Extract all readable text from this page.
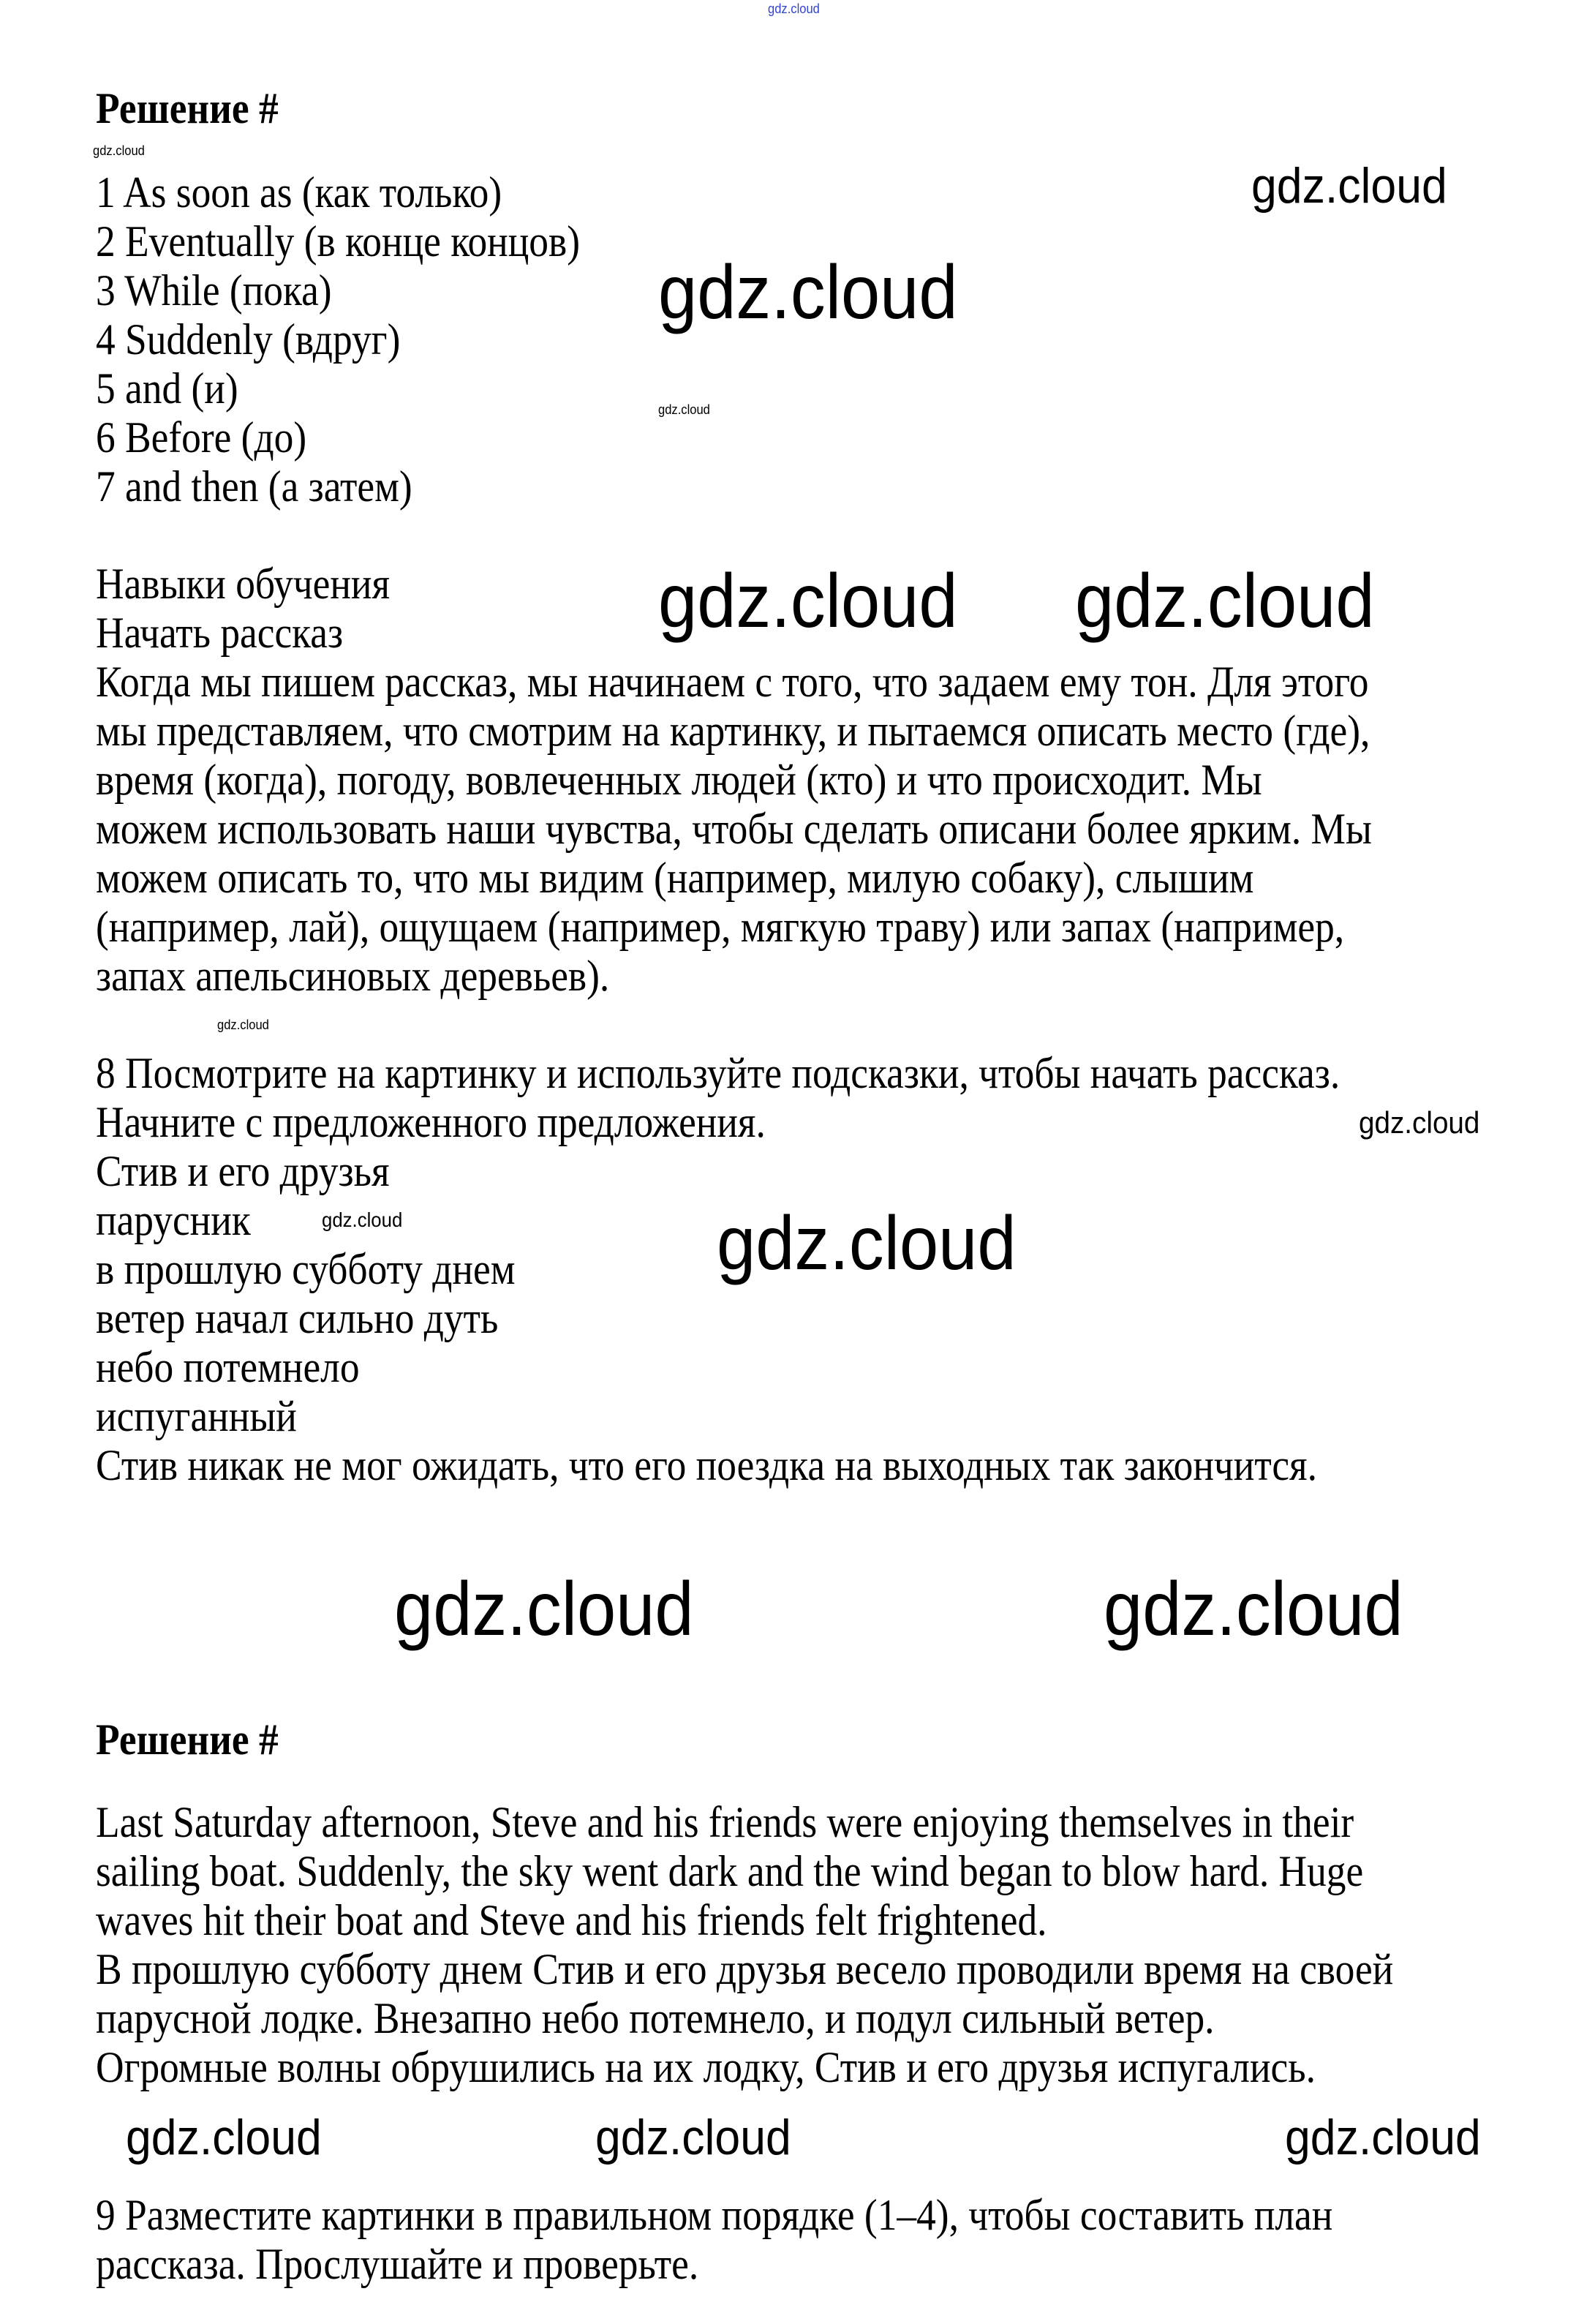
Решение #
1 As soon as (как только)
2 Eventually (в конце концов)
3 While (пока)
4 Suddenly (вдруг)
5 and (и)
6 Before (до)
7 and then (а затем)
Навыки обучения
Начать рассказ
Когда мы пишем рассказ, мы начинаем с того, что задаем ему тон. Для этого
мы представляем, что смотрим на картинку, и пытаемся описать место (где),
время (когда), погоду, вовлеченных людей (кто) и что происходит. Мы
можем использовать наши чувства, чтобы сделать описани более ярким. Мы
можем описать то, что мы видим (например, милую собаку), слышим
(например, лай), ощущаем (например, мягкую траву) или запах (например,
запах апельсиновых деревьев).
8 Посмотрите на картинку и используйте подсказки, чтобы начать рассказ.
Начните с предложенного предложения.
Стив и его друзья
парусник
в прошлую субботу днем
ветер начал сильно дуть
небо потемнело
испуганный
Стив никак не мог ожидать, что его поездка на выходных так закончится.
Решение #
Last Saturday afternoon, Steve and his friends were enjoying themselves in their
sailing boat. Suddenly, the sky went dark and the wind began to blow hard. Huge
waves hit their boat and Steve and his friends felt frightened.
В прошлую субботу днем Стив и его друзья весело проводили время на своей
парусной лодке. Внезапно небо потемнело, и подул сильный ветер.
Огромные волны обрушились на их лодку, Стив и его друзья испугались.
9 Разместите картинки в правильном порядке (1–4), чтобы составить план
рассказа. Прослушайте и проверьте.
gdz.cloud
gdz.cloud
gdz.cloud
gdz.cloud
gdz.cloud
gdz.cloud gdz.cloud
gdz.cloud
gdz.cloud
gdz.cloud	gdz.cloud
gdz.cloud	gdz.cloud
gdz.cloud	gdz.cloud	gdz.cloud
